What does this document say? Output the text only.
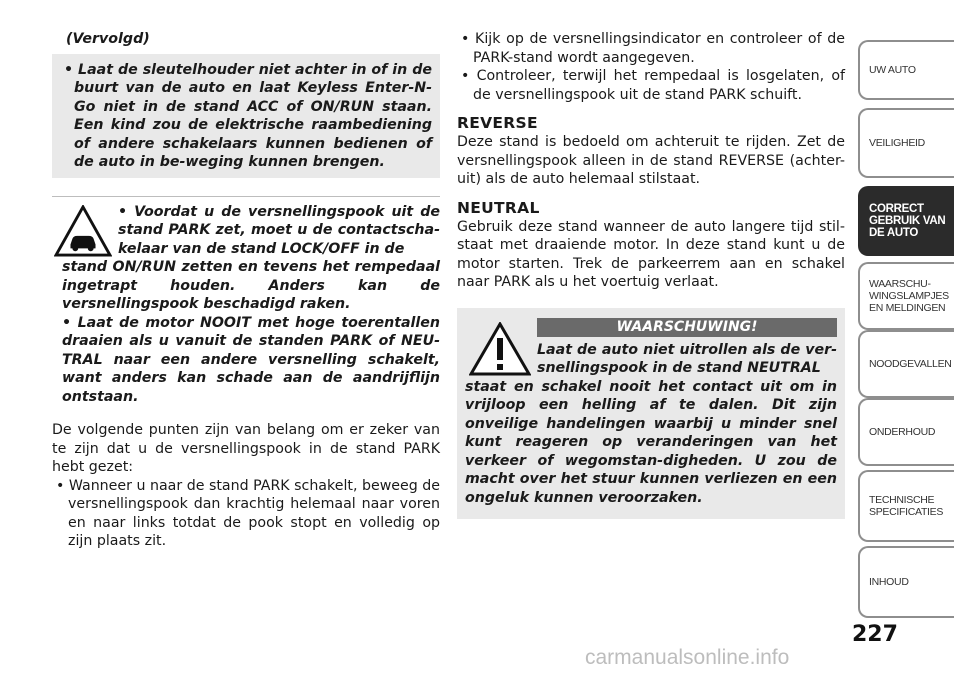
(Vervolgd)

• Laat de sleutelhouder niet achter in of in de buurt van de auto en laat Keyless Enter-N-Go niet in de stand ACC of ON/RUN staan. Een kind zou de elektrische raambediening of andere schakelaars kunnen bedienen of de auto in be-weging kunnen brengen.

• Voordat u de versnellingspook uit de stand PARK zet, moet u de contactscha-kelaar van de stand LOCK/OFF in de

stand ON/RUN zetten en tevens het rempedaal ingetrapt houden. Anders kan de versnellingspook beschadigd raken.

• Laat de motor NOOIT met hoge toerentallen draaien als u vanuit de standen PARK of NEU-TRAL naar een andere versnelling schakelt, want anders kan schade aan de aandrijflijn ontstaan.

De volgende punten zijn van belang om er zeker van te zijn dat u de versnellingspook in de stand PARK hebt gezet:

• Wanneer u naar de stand PARK schakelt, beweeg de versnellingspook dan krachtig helemaal naar voren en naar links totdat de pook stopt en volledig op zijn plaats zit.

• Kijk op de versnellingsindicator en controleer of de PARK-stand wordt aangegeven.

• Controleer, terwijl het rempedaal is losgelaten, of de versnellingspook uit de stand PARK schuift.

REVERSE

Deze stand is bedoeld om achteruit te rijden. Zet de versnellingspook alleen in de stand REVERSE (achter-uit) als de auto helemaal stilstaat.

NEUTRAL

Gebruik deze stand wanneer de auto langere tijd stil-staat met draaiende motor. In deze stand kunt u de motor starten. Trek de parkeerrem aan en schakel naar PARK als u het voertuig verlaat.

WAARSCHUWING!

Laat de auto niet uitrollen als de ver-snellingspook in de stand NEUTRAL

staat en schakel nooit het contact uit om in vrijloop een helling af te dalen. Dit zijn onveilige handelingen waarbij u minder snel kunt reageren op veranderingen van het verkeer of wegomstan-digheden. U zou de macht over het stuur kunnen verliezen en een ongeluk kunnen veroorzaken.

UW AUTO
VEILIGHEID
CORRECT
GEBRUIK VAN
DE AUTO
WAARSCHU-
WINGSLAMPJES
EN MELDINGEN
NOODGEVALLEN
ONDERHOUD
TECHNISCHE
SPECIFICATIES
INHOUD
227
carmanualsonline.info
